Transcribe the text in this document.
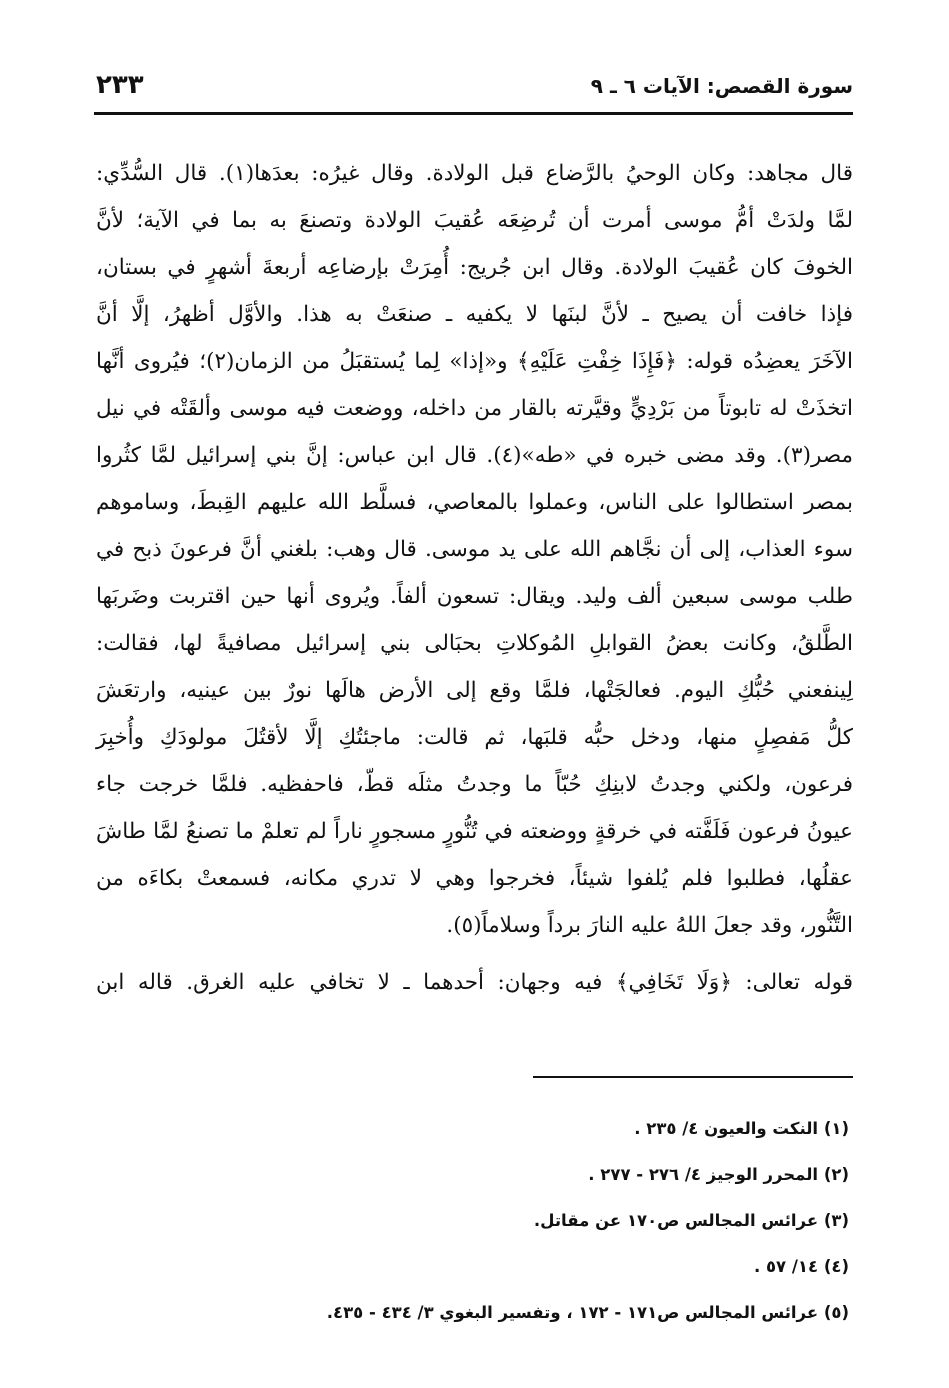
سورة القصص: الآيات ٦ ـ ٩
٢٣٣
قال مجاهد: وكان الوحيُ بالرَّضاع قبل الولادة. وقال غيرُه: بعدَها(١). قال السُّدِّي:
لمَّا ولدَتْ أمُّ موسى أمرت أن تُرضِعَه عُقيبَ الولادة وتصنعَ به بما في الآية؛ لأنَّ
الخوفَ كان عُقيبَ الولادة. وقال ابن جُريج: أُمِرَتْ بإرضاعِه أربعةَ أشهرٍ في بستان،
فإذا خافت أن يصيح ـ لأنَّ لبنَها لا يكفيه ـ صنعَتْ به هذا. والأوَّل أظهرُ، إلَّا أنَّ
الآخَرَ يعضِدُه قوله: ﴿فَإِذَا خِفْتِ عَلَيْهِ﴾ و«إذا» لِما يُستقبَلُ من الزمان(٢)؛ فيُروى أنَّها
اتخذَتْ له تابوتاً من بَرْدِيٍّ وقيَّرته بالقار من داخله، ووضعت فيه موسى وألقَتْه في نيل
مصر(٣). وقد مضى خبره في «طه»(٤). قال ابن عباس: إنَّ بني إسرائيل لمَّا كثُروا
بمصر استطالوا على الناس، وعملوا بالمعاصي، فسلَّط الله عليهم القِبطَ، وساموهم
سوء العذاب، إلى أن نجَّاهم الله على يد موسى. قال وهب: بلغني أنَّ فرعونَ ذبح في
طلب موسى سبعين ألف وليد. ويقال: تسعون ألفاً. ويُروى أنها حين اقتربت وضَربَها
الطَّلقُ، وكانت بعضُ القوابلِ المُوكلاتِ بحبَالى بني إسرائيل مصافيةً لها، فقالت:
لِينفعني حُبُّكِ اليوم. فعالجَتْها، فلمَّا وقع إلى الأرض هالَها نورٌ بين عينيه، وارتعَشَ
كلُّ مَفصِلٍ منها، ودخل حبُّه قلبَها، ثم قالت: ماجئتُكِ إلَّا لأقتُلَ مولودَكِ وأُخبِرَ
فرعون، ولكني وجدتُ لابنِكِ حُبّاً ما وجدتُ مثلَه قطّ، فاحفظيه. فلمَّا خرجت جاء
عيونُ فرعون فَلَفَّته في خرقةٍ ووضعته في تُنُّورٍ مسجورٍ ناراً لم تعلمْ ما تصنعُ لمَّا طاشَ
عقلُها، فطلبوا فلم يُلفوا شيئاً، فخرجوا وهي لا تدري مكانه، فسمعتْ بكاءَه من
التَّنُّور، وقد جعلَ اللهُ عليه النارَ برداً وسلاماً(٥).
قوله تعالى: ﴿وَلَا تَخَافِي﴾ فيه وجهان: أحدهما ـ لا تخافي عليه الغرق. قاله ابن
(١) النكت والعيون ٤/ ٢٣٥ .
(٢) المحرر الوجيز ٤/ ٢٧٦ - ٢٧٧ .
(٣) عرائس المجالس ص١٧٠ عن مقاتل.
(٤) ١٤/ ٥٧ .
(٥) عرائس المجالس ص١٧١ - ١٧٢ ، وتفسير البغوي ٣/ ٤٣٤ - ٤٣٥.
